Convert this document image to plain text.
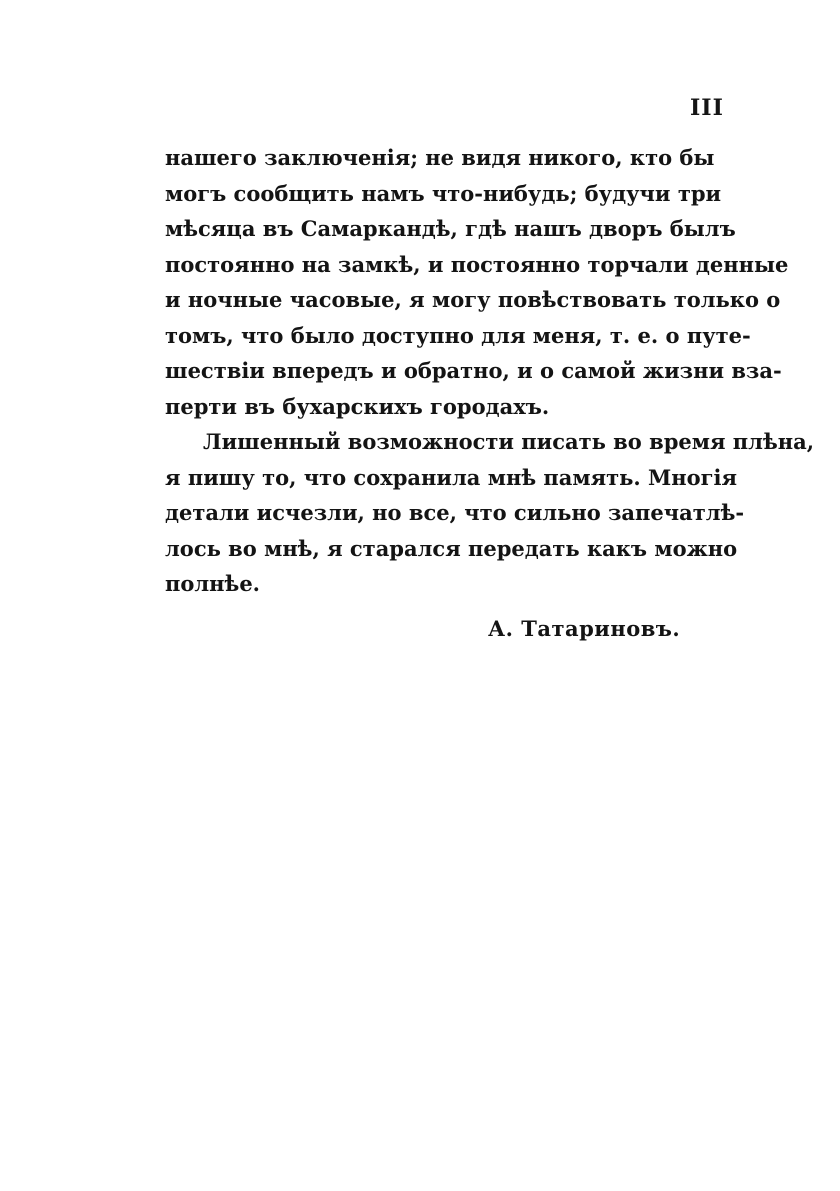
III
нашего заключенія; не видя никого, кто бы
могъ сообщить намъ что-нибудь; будучи три
мѣсяца въ Самаркандѣ, гдѣ нашъ дворъ былъ
постоянно на замкѣ, и постоянно торчали денные
и ночные часовые, я могу повѣствовать только о
томъ, что было доступно для меня, т. е. о путе-
шествіи впередъ и обратно, и о самой жизни вза-
перти въ бухарскихъ городахъ.
Лишенный возможности писать во время плѣна,
я пишу то, что сохранила мнѣ память. Многія
детали исчезли, но все, что сильно запечатлѣ-
лось во мнѣ, я старался передать какъ можно
полнѣе.
А. Татариновъ.
